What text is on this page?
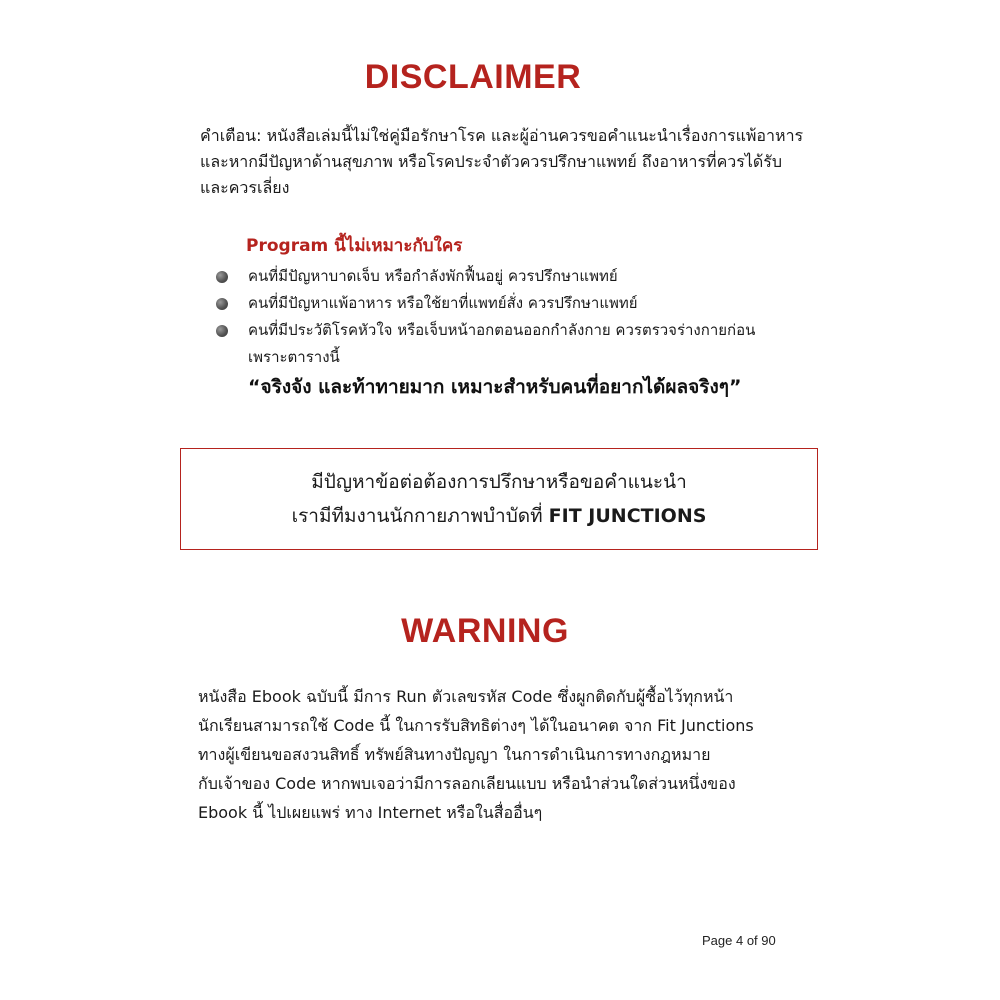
DISCLAIMER
คำเตือน: หนังสือเล่มนี้ไม่ใช่คู่มือรักษาโรค และผู้อ่านควรขอคำแนะนำเรื่องการแพ้อาหาร
และหากมีปัญหาด้านสุขภาพ หรือโรคประจำตัวควรปรึกษาแพทย์ ถึงอาหารที่ควรได้รับ
และควรเลี่ยง
Program นี้ไม่เหมาะกับใคร
คนที่มีปัญหาบาดเจ็บ หรือกำลังพักฟื้นอยู่ ควรปรึกษาแพทย์
คนที่มีปัญหาแพ้อาหาร หรือใช้ยาที่แพทย์สั่ง ควรปรึกษาแพทย์
คนที่มีประวัติโรคหัวใจ หรือเจ็บหน้าอกตอนออกกำลังกาย ควรตรวจร่างกายก่อน
เพราะตารางนี้
“จริงจัง และท้าทายมาก เหมาะสำหรับคนที่อยากได้ผลจริงๆ”
มีปัญหาข้อต่อต้องการปรึกษาหรือขอคำแนะนำ
เรามีทีมงานนักกายภาพบำบัดที่ FIT JUNCTIONS
WARNING
หนังสือ Ebook ฉบับนี้ มีการ Run ตัวเลขรหัส Code ซึ่งผูกติดกับผู้ซื้อไว้ทุกหน้า
นักเรียนสามารถใช้ Code นี้ ในการรับสิทธิต่างๆ ได้ในอนาคต จาก Fit Junctions
ทางผู้เขียนขอสงวนสิทธิ์ ทรัพย์สินทางปัญญา ในการดำเนินการทางกฎหมาย
กับเจ้าของ Code หากพบเจอว่ามีการลอกเลียนแบบ หรือนำส่วนใดส่วนหนึ่งของ
Ebook นี้ ไปเผยแพร่ ทาง Internet หรือในสื่ออื่นๆ
Page 4 of 90
